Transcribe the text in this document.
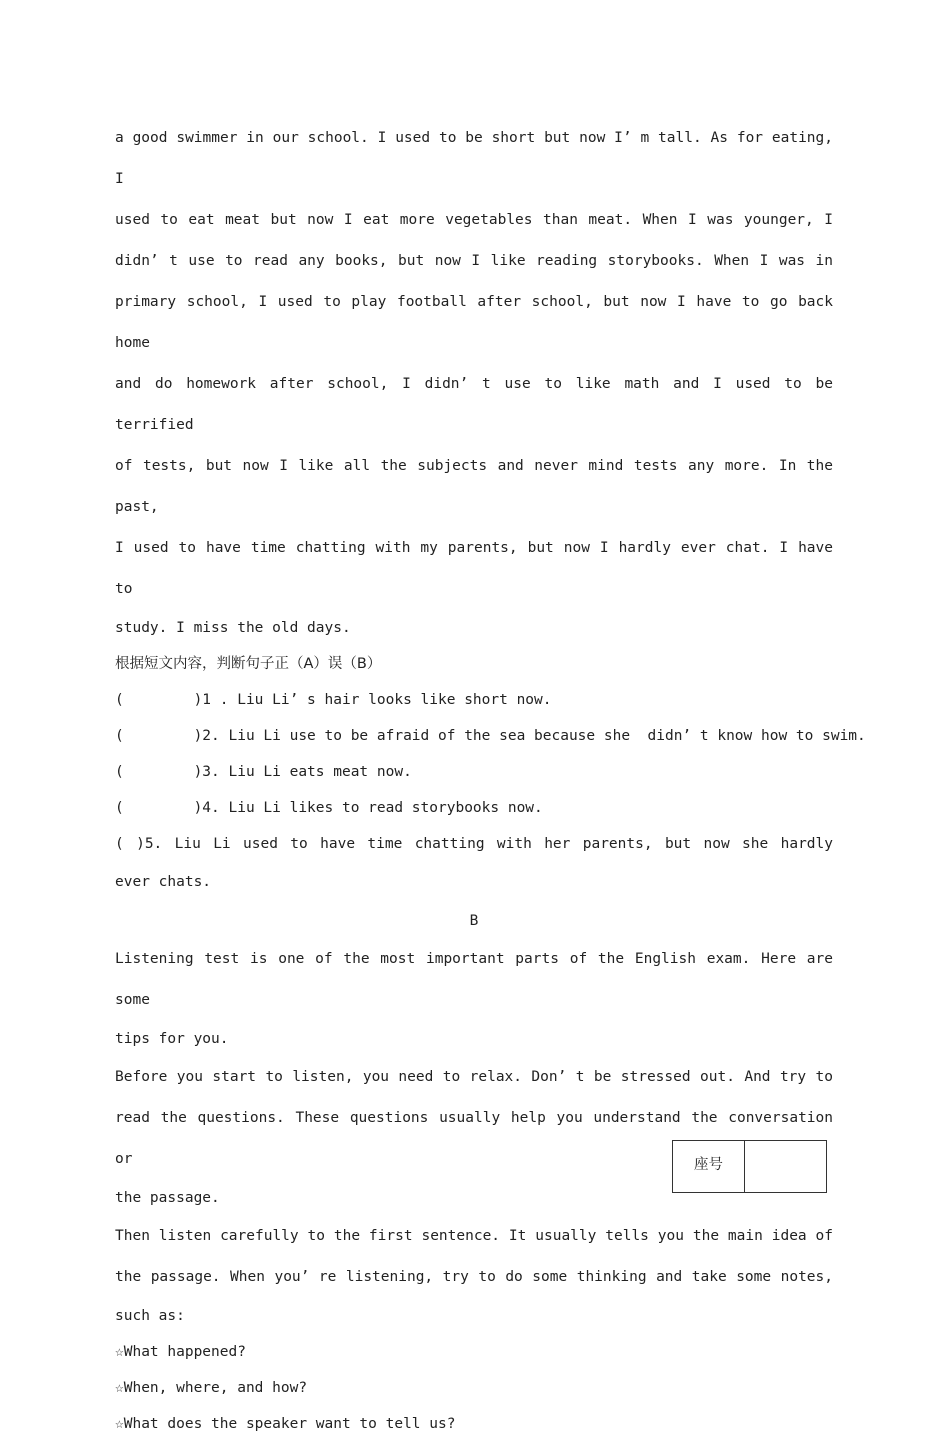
a good swimmer in our school. I used to be short but now I’ m tall. As for eating, I

used to eat meat but now I eat more vegetables than meat. When I was younger, I

didn’ t use to read any books, but now I like reading storybooks. When I was in

primary school, I used to play football after school, but now I have to go back home

and do homework after school, I didn’ t use to like math and I used to be terrified

of tests, but now I like all the subjects and never mind tests any more. In the past,

I used to have time chatting with my parents, but now I hardly ever chat. I have to

study. I miss the old days.

根据短文内容，判断句子正（A）误（B）

(        )1 . Liu Li’ s hair looks like short now.

(        )2. Liu Li use to be afraid of the sea because she  didn’ t know how to swim.

(        )3. Liu Li eats meat now.

(        )4. Liu Li likes to read storybooks now.

( )5. Liu Li used to have time chatting with her parents, but now she hardly

ever chats.

B

Listening test is one of the most important parts of the English exam. Here are some

tips for you.

Before you start to listen, you need to relax. Don’ t be stressed out. And try to

read the questions. These questions usually help you understand the conversation or

the passage.

Then listen carefully to the first sentence. It usually tells you the main idea of

the passage. When you’ re listening, try to do some thinking and take some notes,

such as:

☆What happened?

☆When, where, and how?

☆What does the speaker want to tell us?

座号
